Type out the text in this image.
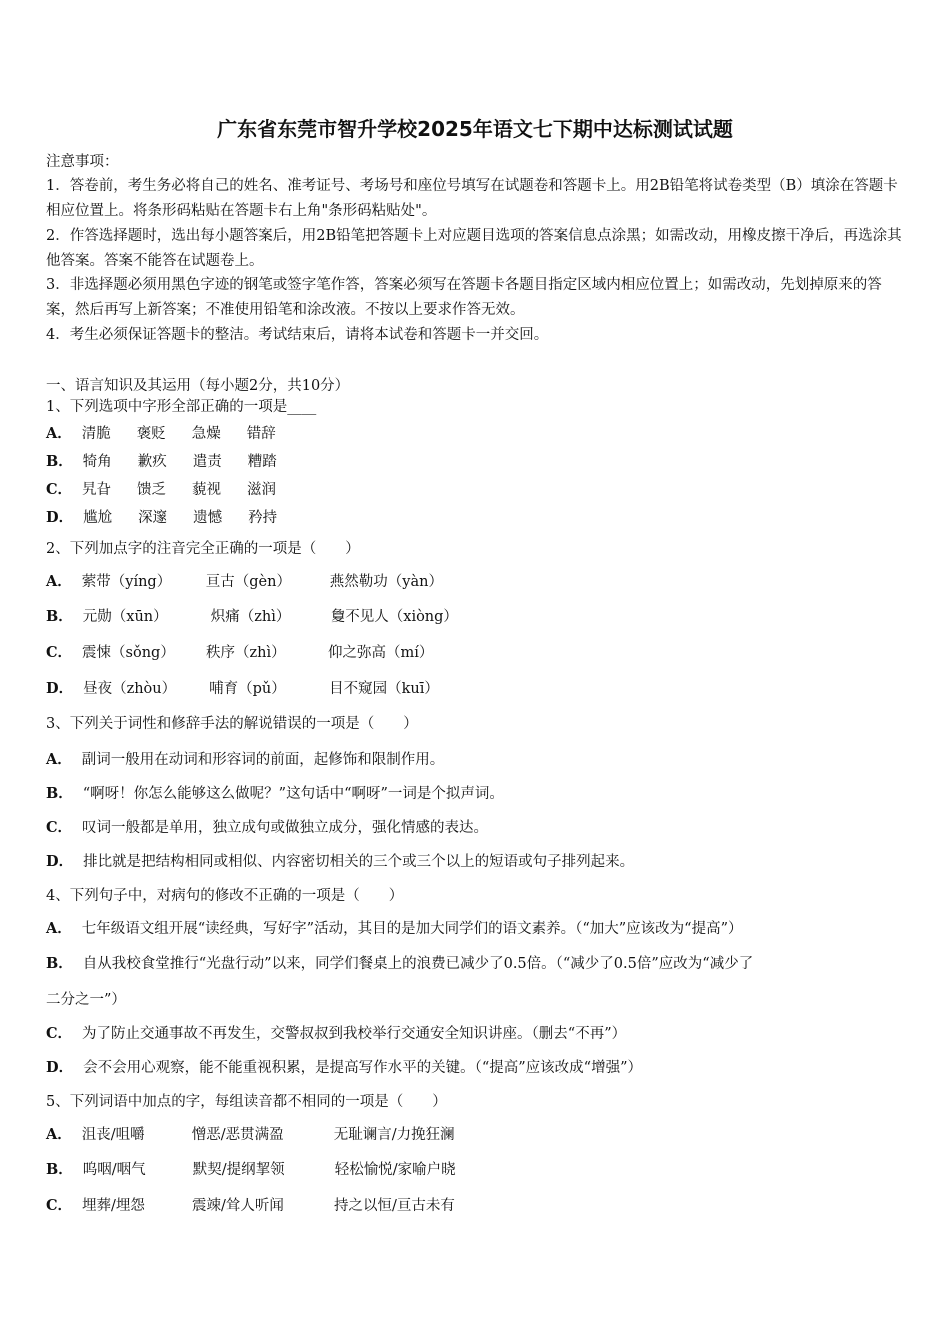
广东省东莞市智升学校2025年语文七下期中达标测试试题
注意事项：
1．答卷前，考生务必将自己的姓名、准考证号、考场号和座位号填写在试题卷和答题卡上。用2B铅笔将试卷类型（B）填涂在答题卡相应位置上。将条形码粘贴在答题卡右上角"条形码粘贴处"。
2．作答选择题时，选出每小题答案后，用2B铅笔把答题卡上对应题目选项的答案信息点涂黑；如需改动，用橡皮擦干净后，再选涂其他答案。答案不能答在试题卷上。
3．非选择题必须用黑色字迹的钢笔或签字笔作答，答案必须写在答题卡各题目指定区域内相应位置上；如需改动，先划掉原来的答案，然后再写上新答案；不准使用铅笔和涂改液。不按以上要求作答无效。
4．考生必须保证答题卡的整洁。考试结束后，请将本试卷和答题卡一并交回。
一、语言知识及其运用（每小题2分，共10分）
1、下列选项中字形全部正确的一项是____
A． 清脆 褒贬 急燥 错辞
B． 犄角 歉疚 遣责 糟踏
C． 旯旮 馈乏 藐视 滋润
D． 尴尬 深邃 遗憾 矜持
2、下列加点字的注音完全正确的一项是（　　）
A． 萦带（yíng） 亘古（gèn）	燕然勒功（yàn）
B． 元勋（xūn）	炽痛（zhì）	敻不见人（xiòng）
C． 震悚（sǒng） 秩序（zhì）	仰之弥高（mí）
D． 昼夜（zhòu） 哺育（pǔ）	目不窥园（kuī）
3、下列关于词性和修辞手法的解说错误的一项是（　　）
A． 副词一般用在动词和形容词的前面，起修饰和限制作用。
B． “啊呀！你怎么能够这么做呢？”这句话中“啊呀”一词是个拟声词。
C． 叹词一般都是单用，独立成句或做独立成分，强化情感的表达。
D． 排比就是把结构相同或相似、内容密切相关的三个或三个以上的短语或句子排列起来。
4、下列句子中，对病句的修改不正确的一项是（　　）
A． 七年级语文组开展“读经典，写好字”活动，其目的是加大同学们的语文素养。（“加大”应该改为“提高”）
B． 自从我校食堂推行“光盘行动”以来，同学们餐桌上的浪费已减少了0.5倍。（“减少了0.5倍”应改为“减少了
二分之一”）
C． 为了防止交通事故不再发生，交警叔叔到我校举行交通安全知识讲座。（删去“不再”）
D． 会不会用心观察，能不能重视积累，是提高写作水平的关键。（“提高”应该改成“增强”）
5、下列词语中加点的字，每组读音都不相同的一项是（　　）
A． 沮丧/咀嚼	憎恶/恶贯满盈	无耻谰言/力挽狂澜
B． 呜咽/咽气	默契/提纲挈领	轻松愉悦/家喻户晓
C． 埋葬/埋怨	震竦/耸人听闻	持之以恒/亘古未有
